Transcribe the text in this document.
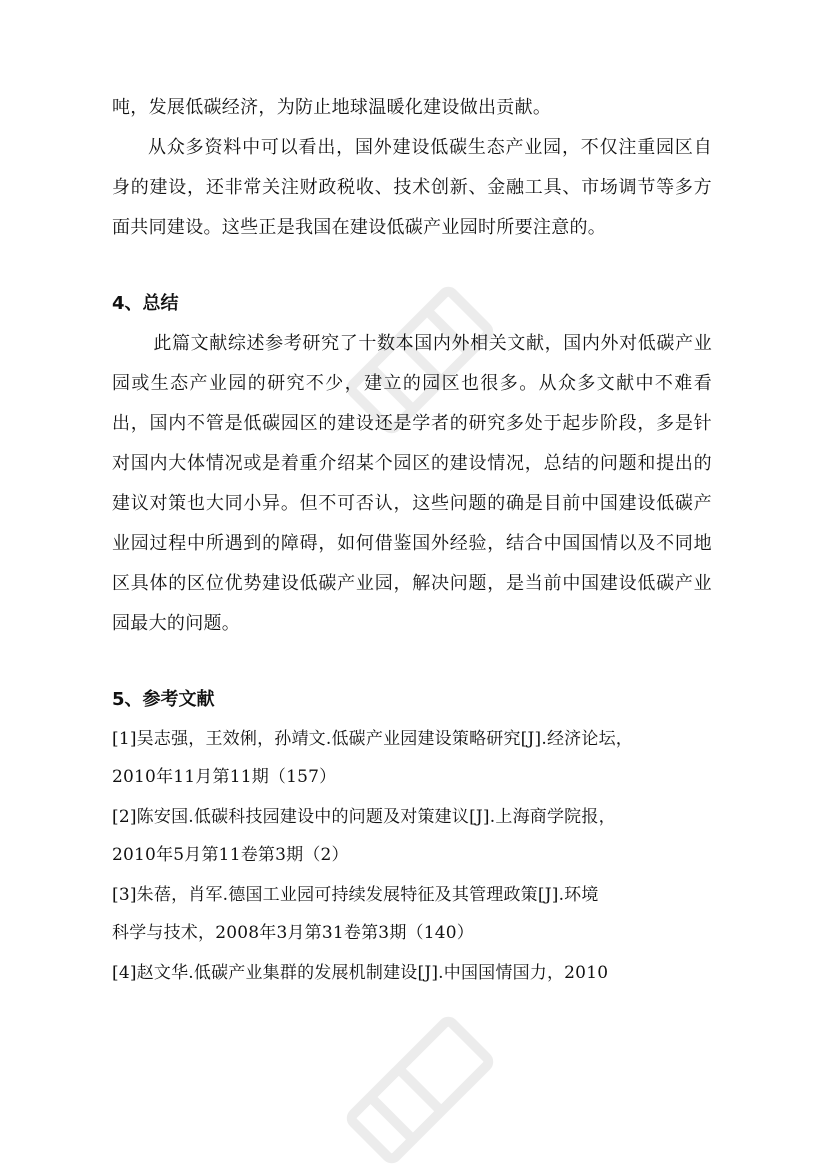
吨，发展低碳经济，为防止地球温暖化建设做出贡献。

从众多资料中可以看出，国外建设低碳生态产业园，不仅注重园区自身的建设，还非常关注财政税收、技术创新、金融工具、市场调节等多方面共同建设。这些正是我国在建设低碳产业园时所要注意的。

4、总结

此篇文献综述参考研究了十数本国内外相关文献，国内外对低碳产业园或生态产业园的研究不少，建立的园区也很多。从众多文献中不难看出，国内不管是低碳园区的建设还是学者的研究多处于起步阶段，多是针对国内大体情况或是着重介绍某个园区的建设情况，总结的问题和提出的建议对策也大同小异。但不可否认，这些问题的确是目前中国建设低碳产业园过程中所遇到的障碍，如何借鉴国外经验，结合中国国情以及不同地区具体的区位优势建设低碳产业园，解决问题，是当前中国建设低碳产业园最大的问题。

5、参考文献

[1]吴志强，王效俐，孙靖文.低碳产业园建设策略研究[J].经济论坛，
2010年11月第11期（157）

[2]陈安国.低碳科技园建设中的问题及对策建议[J].上海商学院报，
2010年5月第11卷第3期（2）

[3]朱蓓，肖军.德国工业园可持续发展特征及其管理政策[J].环境
科学与技术，2008年3月第31卷第3期（140）

[4]赵文华.低碳产业集群的发展机制建设[J].中国国情国力，2010
